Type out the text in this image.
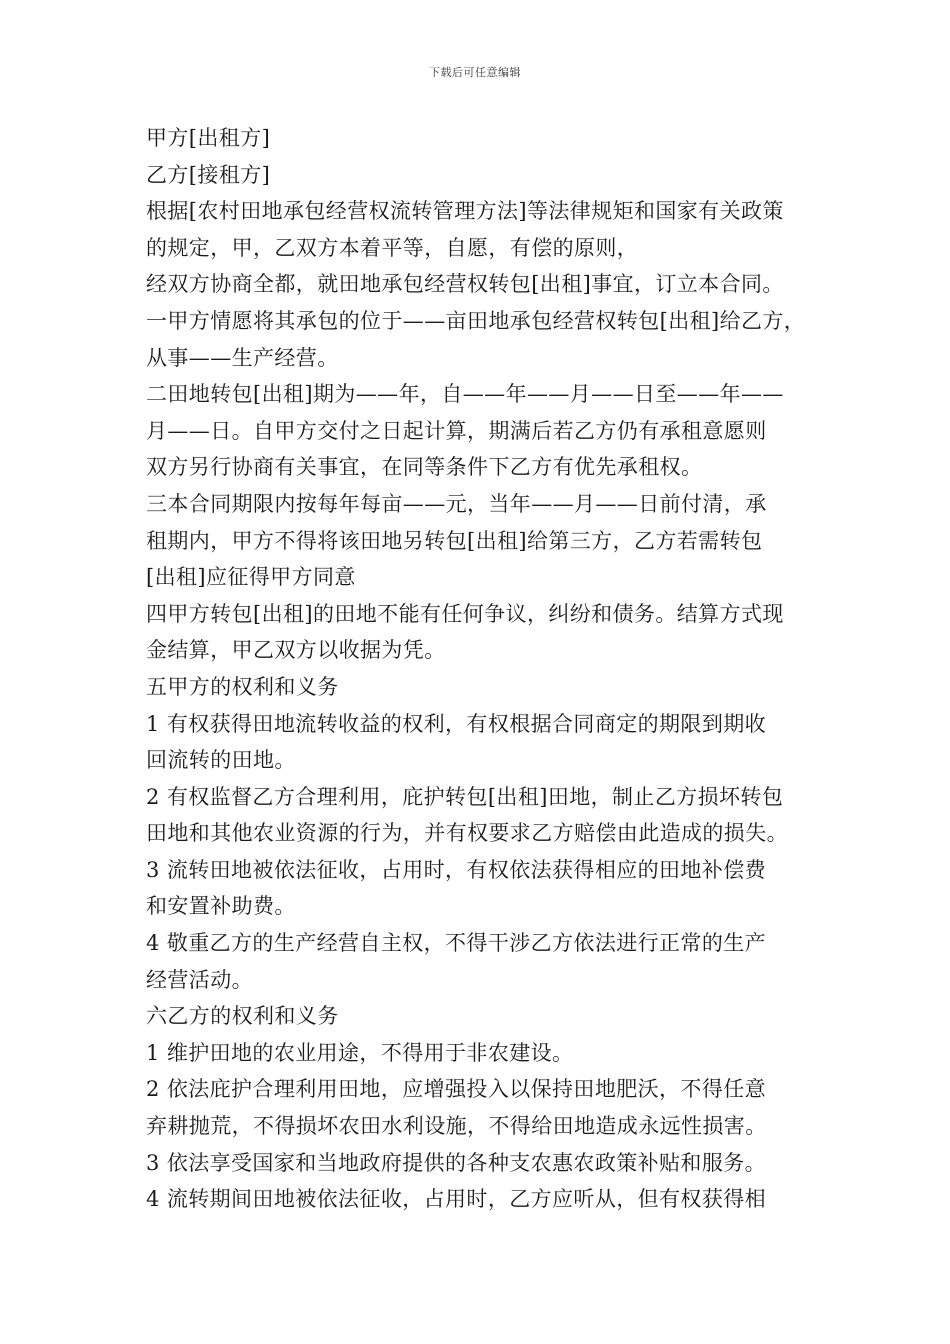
下载后可任意编辑
甲方[出租方]
乙方[接租方]
根据[农村田地承包经营权流转管理方法]等法律规矩和国家有关政策
的规定，甲，乙双方本着平等，自愿，有偿的原则，
经双方协商全都，就田地承包经营权转包[出租]事宜，订立本合同。
一甲方情愿将其承包的位于——亩田地承包经营权转包[出租]给乙方，
从事——生产经营。
二田地转包[出租]期为——年，自——年——月——日至——年——
月——日。自甲方交付之日起计算，期满后若乙方仍有承租意愿则
双方另行协商有关事宜，在同等条件下乙方有优先承租权。
三本合同期限内按每年每亩——元，当年——月——日前付清，承
租期内，甲方不得将该田地另转包[出租]给第三方，乙方若需转包
[出租]应征得甲方同意
四甲方转包[出租]的田地不能有任何争议，纠纷和债务。结算方式现
金结算，甲乙双方以收据为凭。
五甲方的权利和义务
1 有权获得田地流转收益的权利，有权根据合同商定的期限到期收
回流转的田地。
2 有权监督乙方合理利用，庇护转包[出租]田地，制止乙方损坏转包
田地和其他农业资源的行为，并有权要求乙方赔偿由此造成的损失。
3 流转田地被依法征收，占用时，有权依法获得相应的田地补偿费
和安置补助费。
4 敬重乙方的生产经营自主权，不得干涉乙方依法进行正常的生产
经营活动。
六乙方的权利和义务
1 维护田地的农业用途，不得用于非农建设。
2 依法庇护合理利用田地，应增强投入以保持田地肥沃，不得任意
弃耕抛荒，不得损坏农田水利设施，不得给田地造成永远性损害。
3 依法享受国家和当地政府提供的各种支农惠农政策补贴和服务。
4 流转期间田地被依法征收，占用时，乙方应听从，但有权获得相
